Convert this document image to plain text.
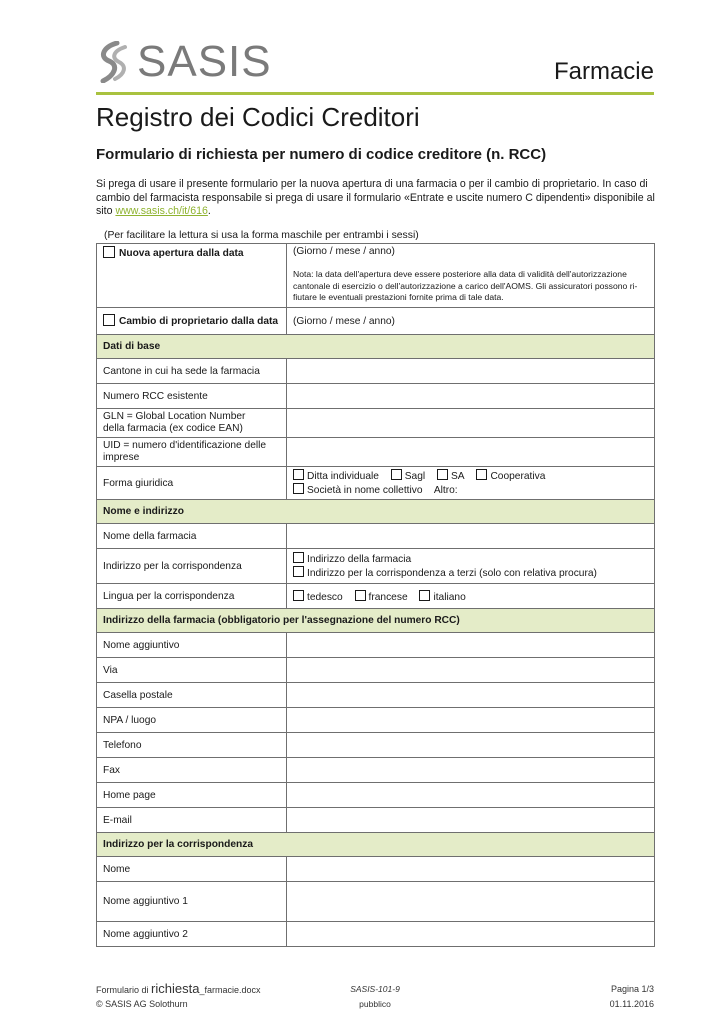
SASIS	Farmacie
Registro dei Codici Creditori
Formulario di richiesta per numero di codice creditore (n. RCC)
Si prega di usare il presente formulario per la nuova apertura di una farmacia o per il cambio di proprietario. In caso di cambio del farmacista responsabile si prega di usare il formulario «Entrate e uscite numero C dipendenti» disponibile al sito www.sasis.ch/it/616.
(Per facilitare la lettura si usa la forma maschile per entrambi i sessi)
Nuova apertura dalla data	(Giorno / mese / anno)
Nota: la data dell'apertura deve essere posteriore alla data di validità dell'autorizzazione cantonale di esercizio o dell'autorizzazione a carico dell'AOMS. Gli assicuratori possono ri-fiutare le eventuali prestazioni fornite prima di tale data.

Cambio di proprietario dalla data	(Giorno / mese / anno)
Dati di base	
Cantone in cui ha sede la farmacia	
Numero RCC esistente	

GLN = Global Location Number
della farmacia (ex codice EAN)	

UID = numero d'identificazione delle
imprese	

Forma giuridica	Ditta individuale Sagl SA Cooperativa
Società in nome collettivo Altro:

Nome e indirizzo	
Nome della farmacia	
Indirizzo per la corrispondenza	Indirizzo della farmacia
Indirizzo per la corrispondenza a terzi (solo con relativa procura)

Lingua per la corrispondenza	tedesco francese italiano
Indirizzo della farmacia (obbligatorio per l'assegnazione del numero RCC)	
Nome aggiuntivo	
Via	
Casella postale	
NPA / luogo	
Telefono	
Fax	
Home page	
E-mail	
Indirizzo per la corrispondenza	
Nome	
Nome aggiuntivo 1	
Nome aggiuntivo 2	
Formulario di richiesta_farmacie.docx	SASIS-101-9	Pagina 1/3
© SASIS AG Solothurn	pubblico	01.11.2016
